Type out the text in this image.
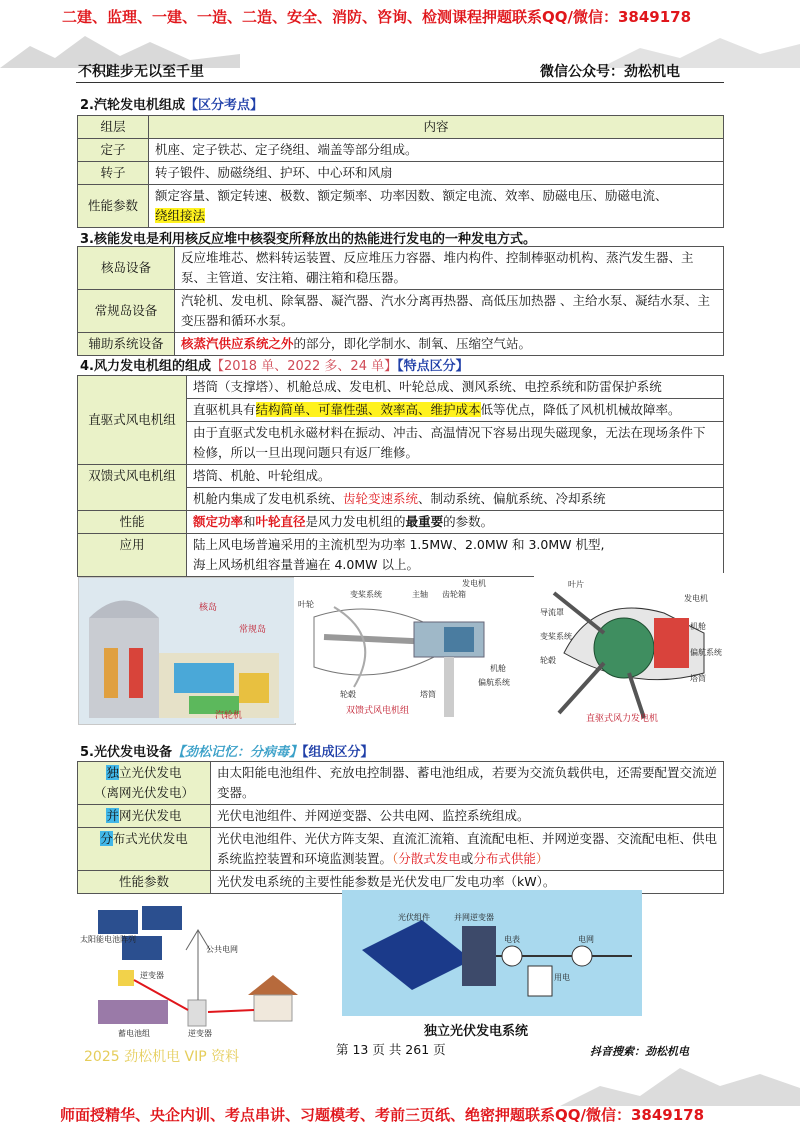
二建、监理、一建、一造、二造、安全、消防、咨询、检测课程押题联系QQ/微信：3849178
不积跬步无以至千里	微信公众号：劲松机电
2.汽轮发电机组成【区分考点】
组层	内容
定子	机座、定子铁芯、定子绕组、端盖等部分组成。
转子	转子锻件、励磁绕组、护环、中心环和风扇
性能参数	额定容量、额定转速、极数、额定频率、功率因数、额定电流、效率、励磁电压、励磁电流、
绕组接法
3.核能发电是利用核反应堆中核裂变所释放出的热能进行发电的一种发电方式。
核岛设备	反应堆堆芯、燃料转运装置、反应堆压力容器、堆内构件、控制棒驱动机构、蒸汽发生器、主泵、主管道、安注箱、硼注箱和稳压器。
常规岛设备	汽轮机、发电机、除氧器、凝汽器、汽水分离再热器、高低压加热器 、主给水泵、凝结水泵、主变压器和循环水泵。
辅助系统设备	核蒸汽供应系统之外的部分，即化学制水、制氧、压缩空气站。
4.风力发电机组的组成【2018 单、2022 多、24 单】【特点区分】
直驱式风电机组	塔筒（支撑塔）、机舱总成、发电机、叶轮总成、测风系统、电控系统和防雷保护系统
	直驱机具有结构简单、可靠性强、效率高、维护成本低等优点，降低了风机机械故障率。
	由于直驱式发电机永磁材料在振动、冲击、高温情况下容易出现失磁现象，无法在现场条件下检修，所以一旦出现问题只有返厂维修。
双馈式风电机组	塔筒、机舱、叶轮组成。
	机舱内集成了发电机系统、齿轮变速系统、制动系统、偏航系统、冷却系统
性能	额定功率和叶轮直径是风力发电机组的最重要的参数。
应用	陆上风电场普遍采用的主流机型为功率 1.5MW、2.0MW 和 3.0MW 机型,
海上风场机组容量普遍在 4.0MW 以上。
核岛
常规岛
汽轮机
叶轮
变桨系统	主轴 齿轮箱
发电机
机舱
偏航系统
轮毂	塔筒
双馈式风电机组
叶片
导流罩
变桨系统
轮毂
发电机
机舱
偏航系统
塔筒
直驱式风力发电机
5.光伏发电设备【劲松记忆：分病毒】【组成区分】
独立光伏发电
（离网光伏发电）	由太阳能电池组件、充放电控制器、蓄电池组成，若要为交流负载供电，还需要配置交流逆变器。
并网光伏发电	光伏电池组件、并网逆变器、公共电网、监控系统组成。
分布式光伏发电	光伏电池组件、光伏方阵支架、直流汇流箱、直流配电柜、并网逆变器、交流配电柜、供电系统监控装置和环境监测装置。（分散式发电或分布式供能）
性能参数	光伏发电系统的主要性能参数是光伏发电厂发电功率（kW）。
太阳能电池阵列
逆变器
蓄电池组
公共电网
逆变器
光伏组件	并网逆变器
电网
电表
用电
独立光伏发电系统
2025 劲松机电 VIP 资料	第 13 页 共 261 页	抖音搜索：劲松机电
师面授精华、央企内训、考点串讲、习题模考、考前三页纸、绝密押题联系QQ/微信：3849178
